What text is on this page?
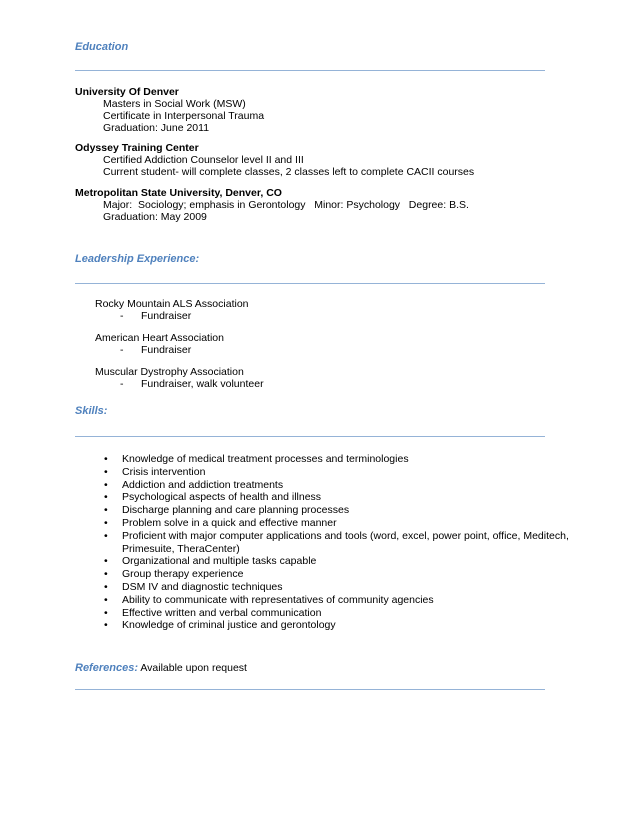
Education
University Of Denver
Masters in Social Work (MSW)
Certificate in Interpersonal Trauma
Graduation: June 2011
Odyssey Training Center
Certified Addiction Counselor level II and III
Current student- will complete classes, 2 classes left to complete CACII courses
Metropolitan State University, Denver, CO
Major:  Sociology; emphasis in Gerontology   Minor: Psychology   Degree: B.S.
Graduation: May 2009
Leadership Experience:
Rocky Mountain ALS Association
- Fundraiser
American Heart Association
- Fundraiser
Muscular Dystrophy Association
- Fundraiser, walk volunteer
Skills:
• Knowledge of medical treatment processes and terminologies
• Crisis intervention
• Addiction and addiction treatments
• Psychological aspects of health and illness
• Discharge planning and care planning processes
• Problem solve in a quick and effective manner
• Proficient with major computer applications and tools (word, excel, power point, office, Meditech, Primesuite, TheraCenter)
• Organizational and multiple tasks capable
• Group therapy experience
• DSM IV and diagnostic techniques
• Ability to communicate with representatives of community agencies
• Effective written and verbal communication
• Knowledge of criminal justice and gerontology
References: Available upon request
